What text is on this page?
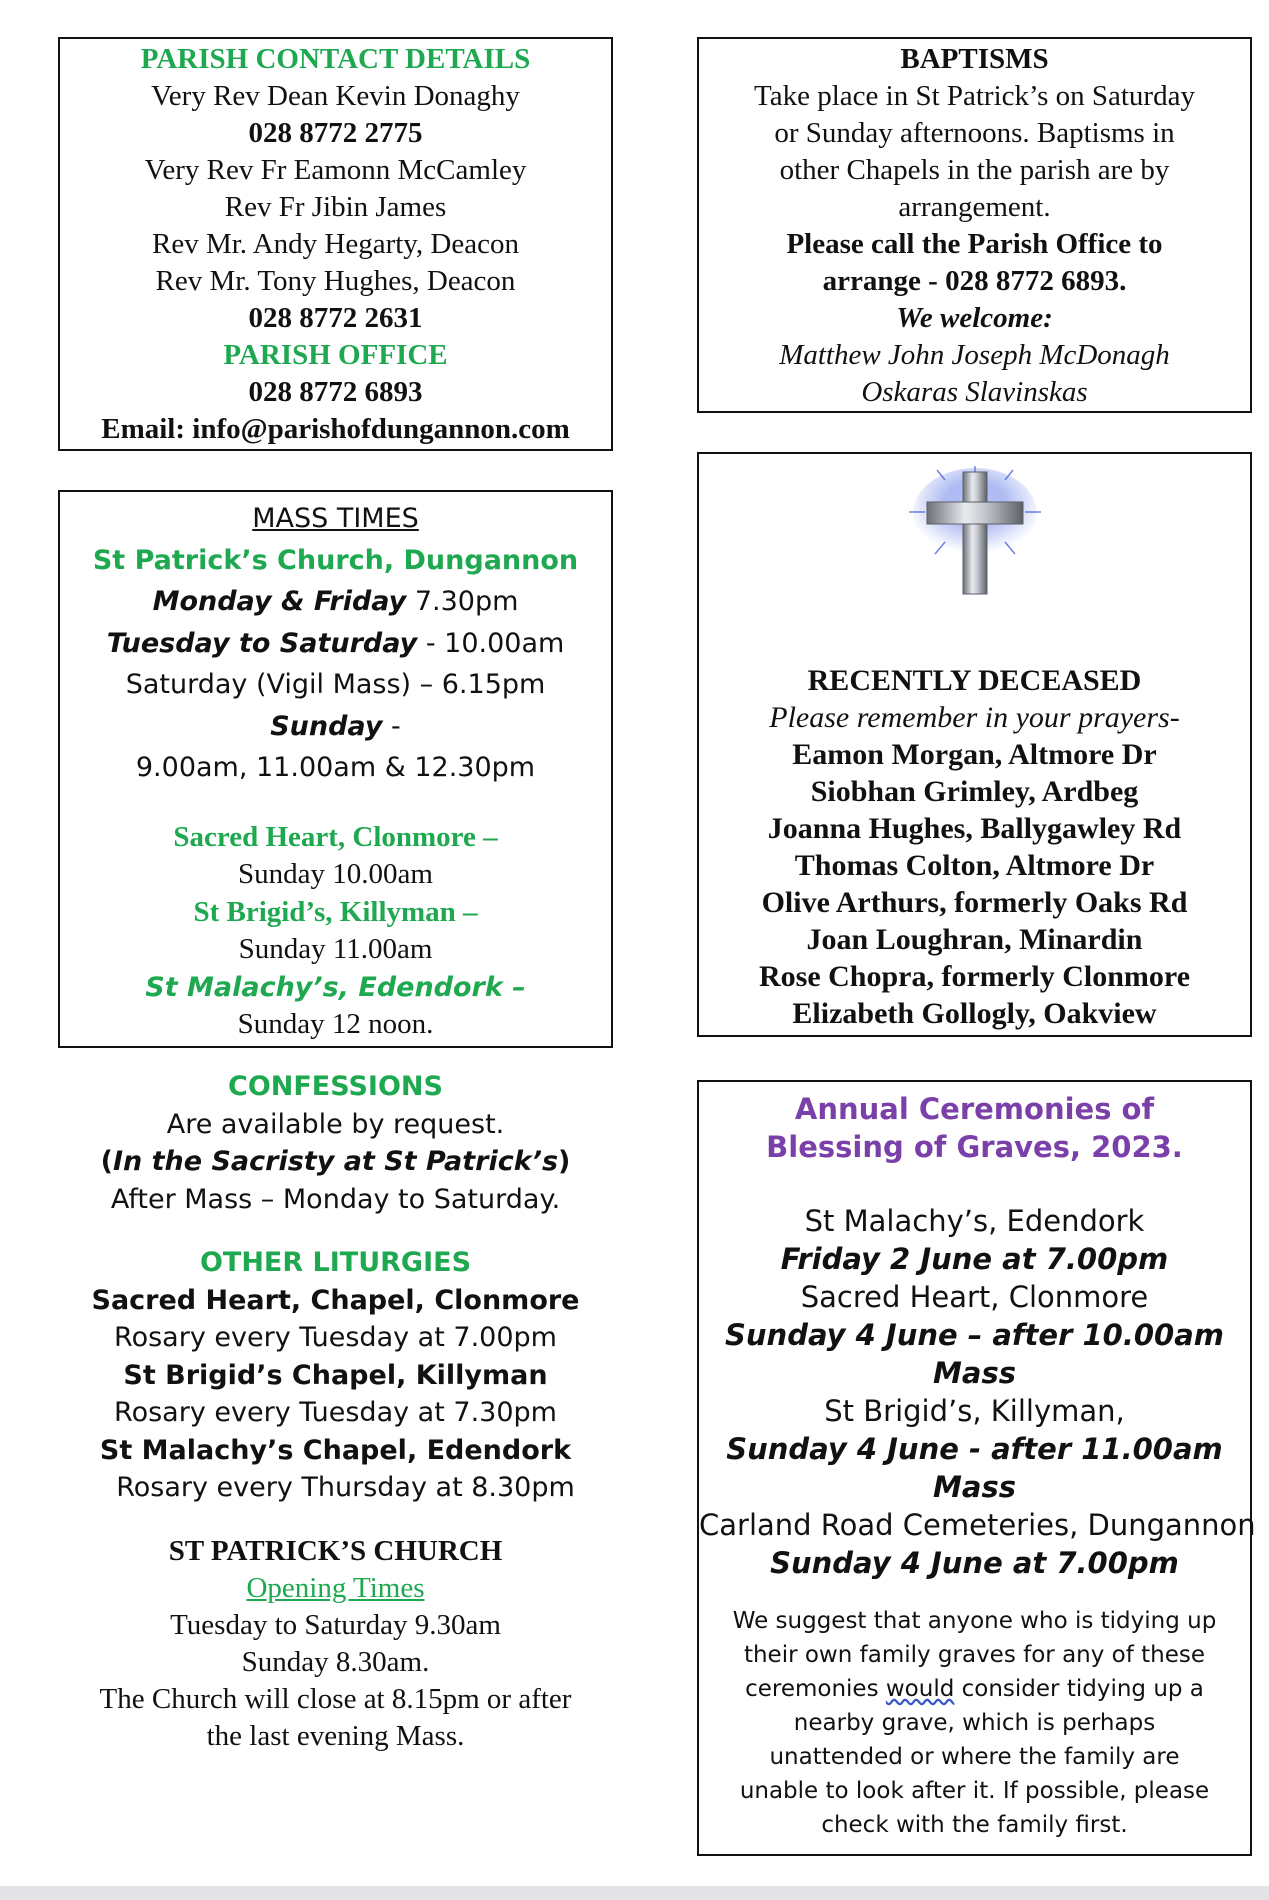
PARISH CONTACT DETAILS
Very Rev Dean Kevin Donaghy
028 8772 2775
Very Rev Fr Eamonn McCamley
Rev Fr Jibin James
Rev Mr. Andy Hegarty, Deacon
Rev Mr. Tony Hughes, Deacon
028 8772 2631
PARISH OFFICE
028 8772 6893
Email: info@parishofdungannon.com
BAPTISMS
Take place in St Patrick’s on Saturday
or Sunday afternoons. Baptisms in
other Chapels in the parish are by
arrangement.
Please call the Parish Office to
arrange - 028 8772 6893.
We welcome:
Matthew John Joseph McDonagh
Oskaras Slavinskas
MASS TIMES
St Patrick’s Church, Dungannon
Monday & Friday 7.30pm
Tuesday to Saturday - 10.00am
Saturday (Vigil Mass) – 6.15pm
Sunday -
9.00am, 11.00am & 12.30pm
Sacred Heart, Clonmore –
Sunday 10.00am
St Brigid’s, Killyman –
Sunday 11.00am
St Malachy’s, Edendork –
Sunday 12 noon.
RECENTLY DECEASED
Please remember in your prayers-
Eamon Morgan, Altmore Dr
Siobhan Grimley, Ardbeg
Joanna Hughes, Ballygawley Rd
Thomas Colton, Altmore Dr
Olive Arthurs, formerly Oaks Rd
Joan Loughran, Minardin
Rose Chopra, formerly Clonmore
Elizabeth Gollogly, Oakview
CONFESSIONS
Are available by request.
(In the Sacristy at St Patrick’s)
After Mass – Monday to Saturday.
OTHER LITURGIES
Sacred Heart, Chapel, Clonmore
Rosary every Tuesday at 7.00pm
St Brigid’s Chapel, Killyman
Rosary every Tuesday at 7.30pm
St Malachy’s Chapel, Edendork
Rosary every Thursday at 8.30pm
ST PATRICK’S CHURCH
Opening Times
Tuesday to Saturday 9.30am
Sunday 8.30am.
The Church will close at 8.15pm or after
the last evening Mass.
Annual Ceremonies of
Blessing of Graves, 2023.
St Malachy’s, Edendork
Friday 2 June at 7.00pm
Sacred Heart, Clonmore
Sunday 4 June – after 10.00am
Mass
St Brigid’s, Killyman,
Sunday 4 June - after 11.00am
Mass
Carland Road Cemeteries, Dungannon
Sunday 4 June at 7.00pm
We suggest that anyone who is tidying up
their own family graves for any of these
ceremonies would consider tidying up a
nearby grave, which is perhaps
unattended or where the family are
unable to look after it. If possible, please
check with the family first.
